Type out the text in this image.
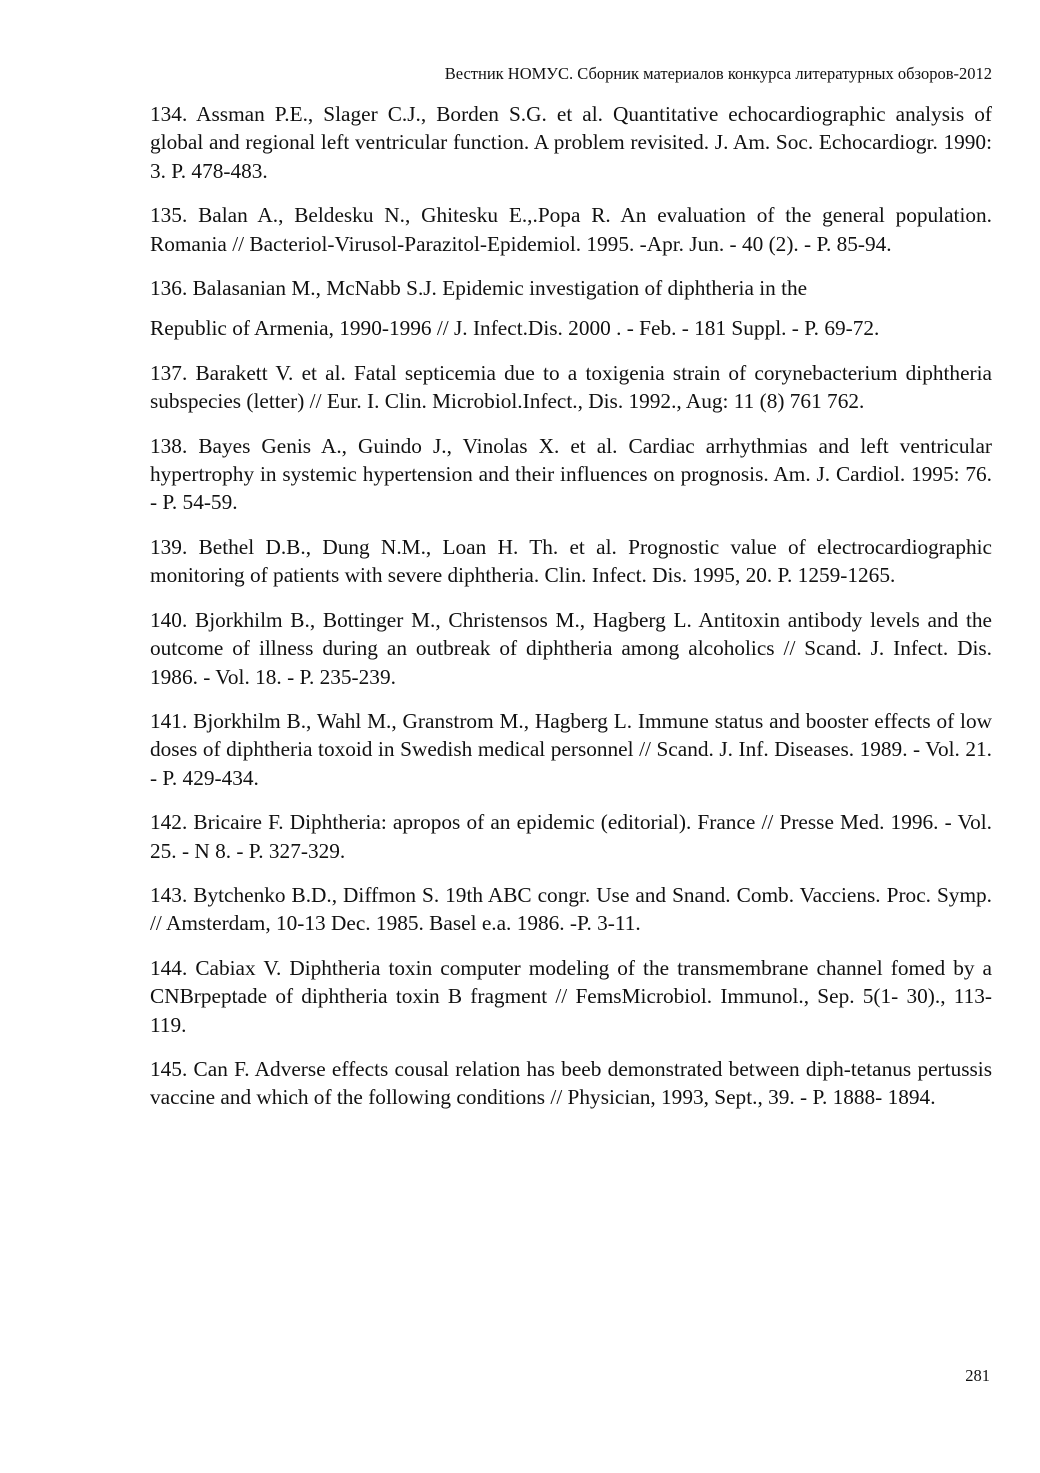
Вестник НОМУС. Сборник материалов конкурса литературных обзоров-2012

134. Assman P.E., Slager C.J., Borden S.G. et al. Quantitative echocardiographic analysis of global and regional left ventricular function. A problem revisited. J. Am. Soc. Echocardiogr. 1990: 3. P. 478-483.

135. Balan A., Beldesku N., Ghitesku E.,.Popa R. An evaluation of the general population. Romania // Bacteriol-Virusol-Parazitol-Epidemiol. 1995. -Apr. Jun. - 40 (2). - P. 85-94.

136. Balasanian M., McNabb S.J. Epidemic investigation of diphtheria in the

Republic of Armenia, 1990-1996 // J. Infect.Dis. 2000 . - Feb. - 181 Suppl. - P. 69-72.

137. Barakett V. et al. Fatal septicemia due to a toxigenia strain of corynebacterium diphtheria subspecies (letter) // Eur. I. Clin. Microbiol.Infect., Dis. 1992., Aug: 11 (8) 761 762.

138. Bayes Genis A., Guindo J., Vinolas X. et al. Cardiac arrhythmias and left ventricular hypertrophy in systemic hypertension and their influences on prognosis. Am. J. Cardiol. 1995: 76. - P. 54-59.

139. Bethel D.B., Dung N.M., Loan H. Th. et al. Prognostic value of electrocardiographic monitoring of patients with severe diphtheria. Clin. Infect. Dis. 1995, 20. P. 1259-1265.

140. Bjorkhilm B., Bottinger M., Christensos M., Hagberg L. Antitoxin antibody levels and the outcome of illness during an outbreak of diphtheria among alcoholics // Scand. J. Infect. Dis. 1986. - Vol. 18. - P. 235-239.

141. Bjorkhilm B., Wahl M., Granstrom M., Hagberg L. Immune status and booster effects of low doses of diphtheria toxoid in Swedish medical personnel // Scand. J. Inf. Diseases. 1989. - Vol. 21. - P. 429-434.

142. Bricaire F. Diphtheria: apropos of an epidemic (editorial). France // Presse Med. 1996. - Vol. 25. - N 8. - P. 327-329.

143. Bytchenko B.D., Diffmon S. 19th ABC congr. Use and Snand. Comb. Vacciens. Proc. Symp. // Amsterdam, 10-13 Dec. 1985. Basel e.a. 1986. -P. 3-11.

144. Cabiax V. Diphtheria toxin computer modeling of the transmembrane channel fomed by a CNBrpeptade of diphtheria toxin B fragment // FemsMicrobiol. Immunol., Sep. 5(1- 30)., 113-119.

145. Can F. Adverse effects cousal relation has beeb demonstrated between diph-tetanus pertussis vaccine and which of the following conditions // Physician, 1993, Sept., 39. - P. 1888- 1894.

281
